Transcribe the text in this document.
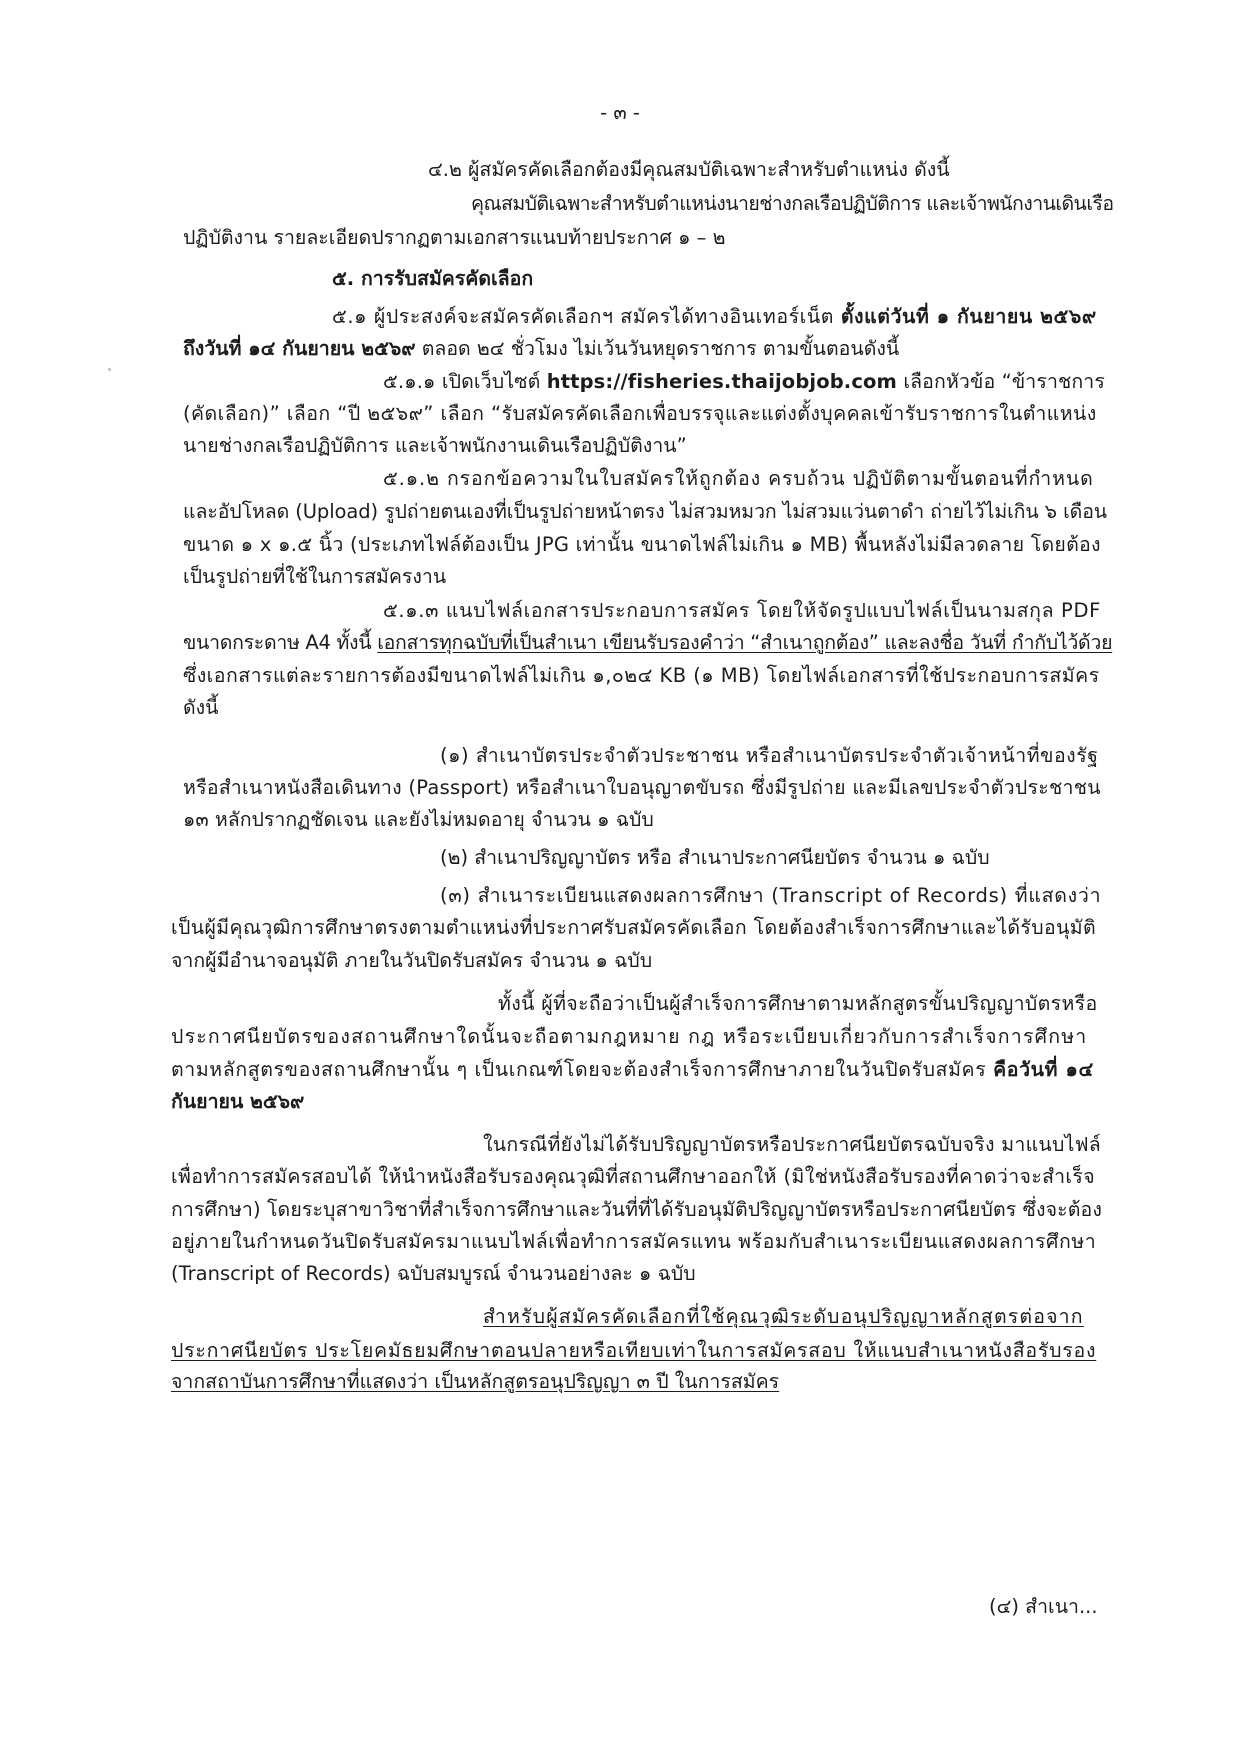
- ๓ -

๔.๒ ผู้สมัครคัดเลือกต้องมีคุณสมบัติเฉพาะสำหรับตำแหน่ง ดังนี้

คุณสมบัติเฉพาะสำหรับตำแหน่งนายช่างกลเรือปฏิบัติการ และเจ้าพนักงานเดินเรือ

ปฏิบัติงาน รายละเอียดปรากฏตามเอกสารแนบท้ายประกาศ ๑ – ๒

๕. การรับสมัครคัดเลือก

๕.๑ ผู้ประสงค์จะสมัครคัดเลือกฯ สมัครได้ทางอินเทอร์เน็ต ตั้งแต่วันที่ ๑ กันยายน ๒๕๖๙

ถึงวันที่ ๑๔ กันยายน ๒๕๖๙ ตลอด ๒๔ ชั่วโมง ไม่เว้นวันหยุดราชการ ตามขั้นตอนดังนี้

๕.๑.๑ เปิดเว็บไซต์ https://fisheries.thaijobjob.com เลือกหัวข้อ “ข้าราชการ

(คัดเลือก)” เลือก “ปี ๒๕๖๙” เลือก “รับสมัครคัดเลือกเพื่อบรรจุและแต่งตั้งบุคคลเข้ารับราชการในตำแหน่ง

นายช่างกลเรือปฏิบัติการ และเจ้าพนักงานเดินเรือปฏิบัติงาน”

๕.๑.๒ กรอกข้อความในใบสมัครให้ถูกต้อง ครบถ้วน ปฏิบัติตามขั้นตอนที่กำหนด

และอัปโหลด (Upload) รูปถ่ายตนเองที่เป็นรูปถ่ายหน้าตรง ไม่สวมหมวก ไม่สวมแว่นตาดำ ถ่ายไว้ไม่เกิน ๖ เดือน

ขนาด ๑ x ๑.๕ นิ้ว (ประเภทไฟล์ต้องเป็น JPG เท่านั้น ขนาดไฟล์ไม่เกิน ๑ MB) พื้นหลังไม่มีลวดลาย โดยต้อง

เป็นรูปถ่ายที่ใช้ในการสมัครงาน

๕.๑.๓ แนบไฟล์เอกสารประกอบการสมัคร โดยให้จัดรูปแบบไฟล์เป็นนามสกุล PDF

ขนาดกระดาษ A4 ทั้งนี้ เอกสารทุกฉบับที่เป็นสำเนา เขียนรับรองคำว่า “สำเนาถูกต้อง” และลงชื่อ วันที่ กำกับไว้ด้วย

ซึ่งเอกสารแต่ละรายการต้องมีขนาดไฟล์ไม่เกิน ๑,๐๒๔ KB (๑ MB) โดยไฟล์เอกสารที่ใช้ประกอบการสมัคร

ดังนี้

(๑) สำเนาบัตรประจำตัวประชาชน หรือสำเนาบัตรประจำตัวเจ้าหน้าที่ของรัฐ

หรือสำเนาหนังสือเดินทาง (Passport) หรือสำเนาใบอนุญาตขับรถ ซึ่งมีรูปถ่าย และมีเลขประจำตัวประชาชน

๑๓ หลักปรากฏชัดเจน และยังไม่หมดอายุ จำนวน ๑ ฉบับ

(๒) สำเนาปริญญาบัตร หรือ สำเนาประกาศนียบัตร จำนวน ๑ ฉบับ

(๓) สำเนาระเบียนแสดงผลการศึกษา (Transcript of Records) ที่แสดงว่า

เป็นผู้มีคุณวุฒิการศึกษาตรงตามตำแหน่งที่ประกาศรับสมัครคัดเลือก โดยต้องสำเร็จการศึกษาและได้รับอนุมัติ

จากผู้มีอำนาจอนุมัติ ภายในวันปิดรับสมัคร จำนวน ๑ ฉบับ

ทั้งนี้ ผู้ที่จะถือว่าเป็นผู้สำเร็จการศึกษาตามหลักสูตรขั้นปริญญาบัตรหรือ

ประกาศนียบัตรของสถานศึกษาใดนั้นจะถือตามกฎหมาย กฎ หรือระเบียบเกี่ยวกับการสำเร็จการศึกษา

ตามหลักสูตรของสถานศึกษานั้น ๆ เป็นเกณฑ์โดยจะต้องสำเร็จการศึกษาภายในวันปิดรับสมัคร คือวันที่ ๑๔

กันยายน ๒๕๖๙

ในกรณีที่ยังไม่ได้รับปริญญาบัตรหรือประกาศนียบัตรฉบับจริง มาแนบไฟล์

เพื่อทำการสมัครสอบได้ ให้นำหนังสือรับรองคุณวุฒิที่สถานศึกษาออกให้ (มิใช่หนังสือรับรองที่คาดว่าจะสำเร็จ

การศึกษา) โดยระบุสาขาวิชาที่สำเร็จการศึกษาและวันที่ที่ได้รับอนุมัติปริญญาบัตรหรือประกาศนียบัตร ซึ่งจะต้อง

อยู่ภายในกำหนดวันปิดรับสมัครมาแนบไฟล์เพื่อทำการสมัครแทน พร้อมกับสำเนาระเบียนแสดงผลการศึกษา

(Transcript of Records) ฉบับสมบูรณ์ จำนวนอย่างละ ๑ ฉบับ

สำหรับผู้สมัครคัดเลือกที่ใช้คุณวุฒิระดับอนุปริญญาหลักสูตรต่อจาก

ประกาศนียบัตร ประโยคมัธยมศึกษาตอนปลายหรือเทียบเท่าในการสมัครสอบ ให้แนบสำเนาหนังสือรับรอง

จากสถาบันการศึกษาที่แสดงว่า เป็นหลักสูตรอนุปริญญา ๓ ปี ในการสมัคร

(๔) สำเนา...
